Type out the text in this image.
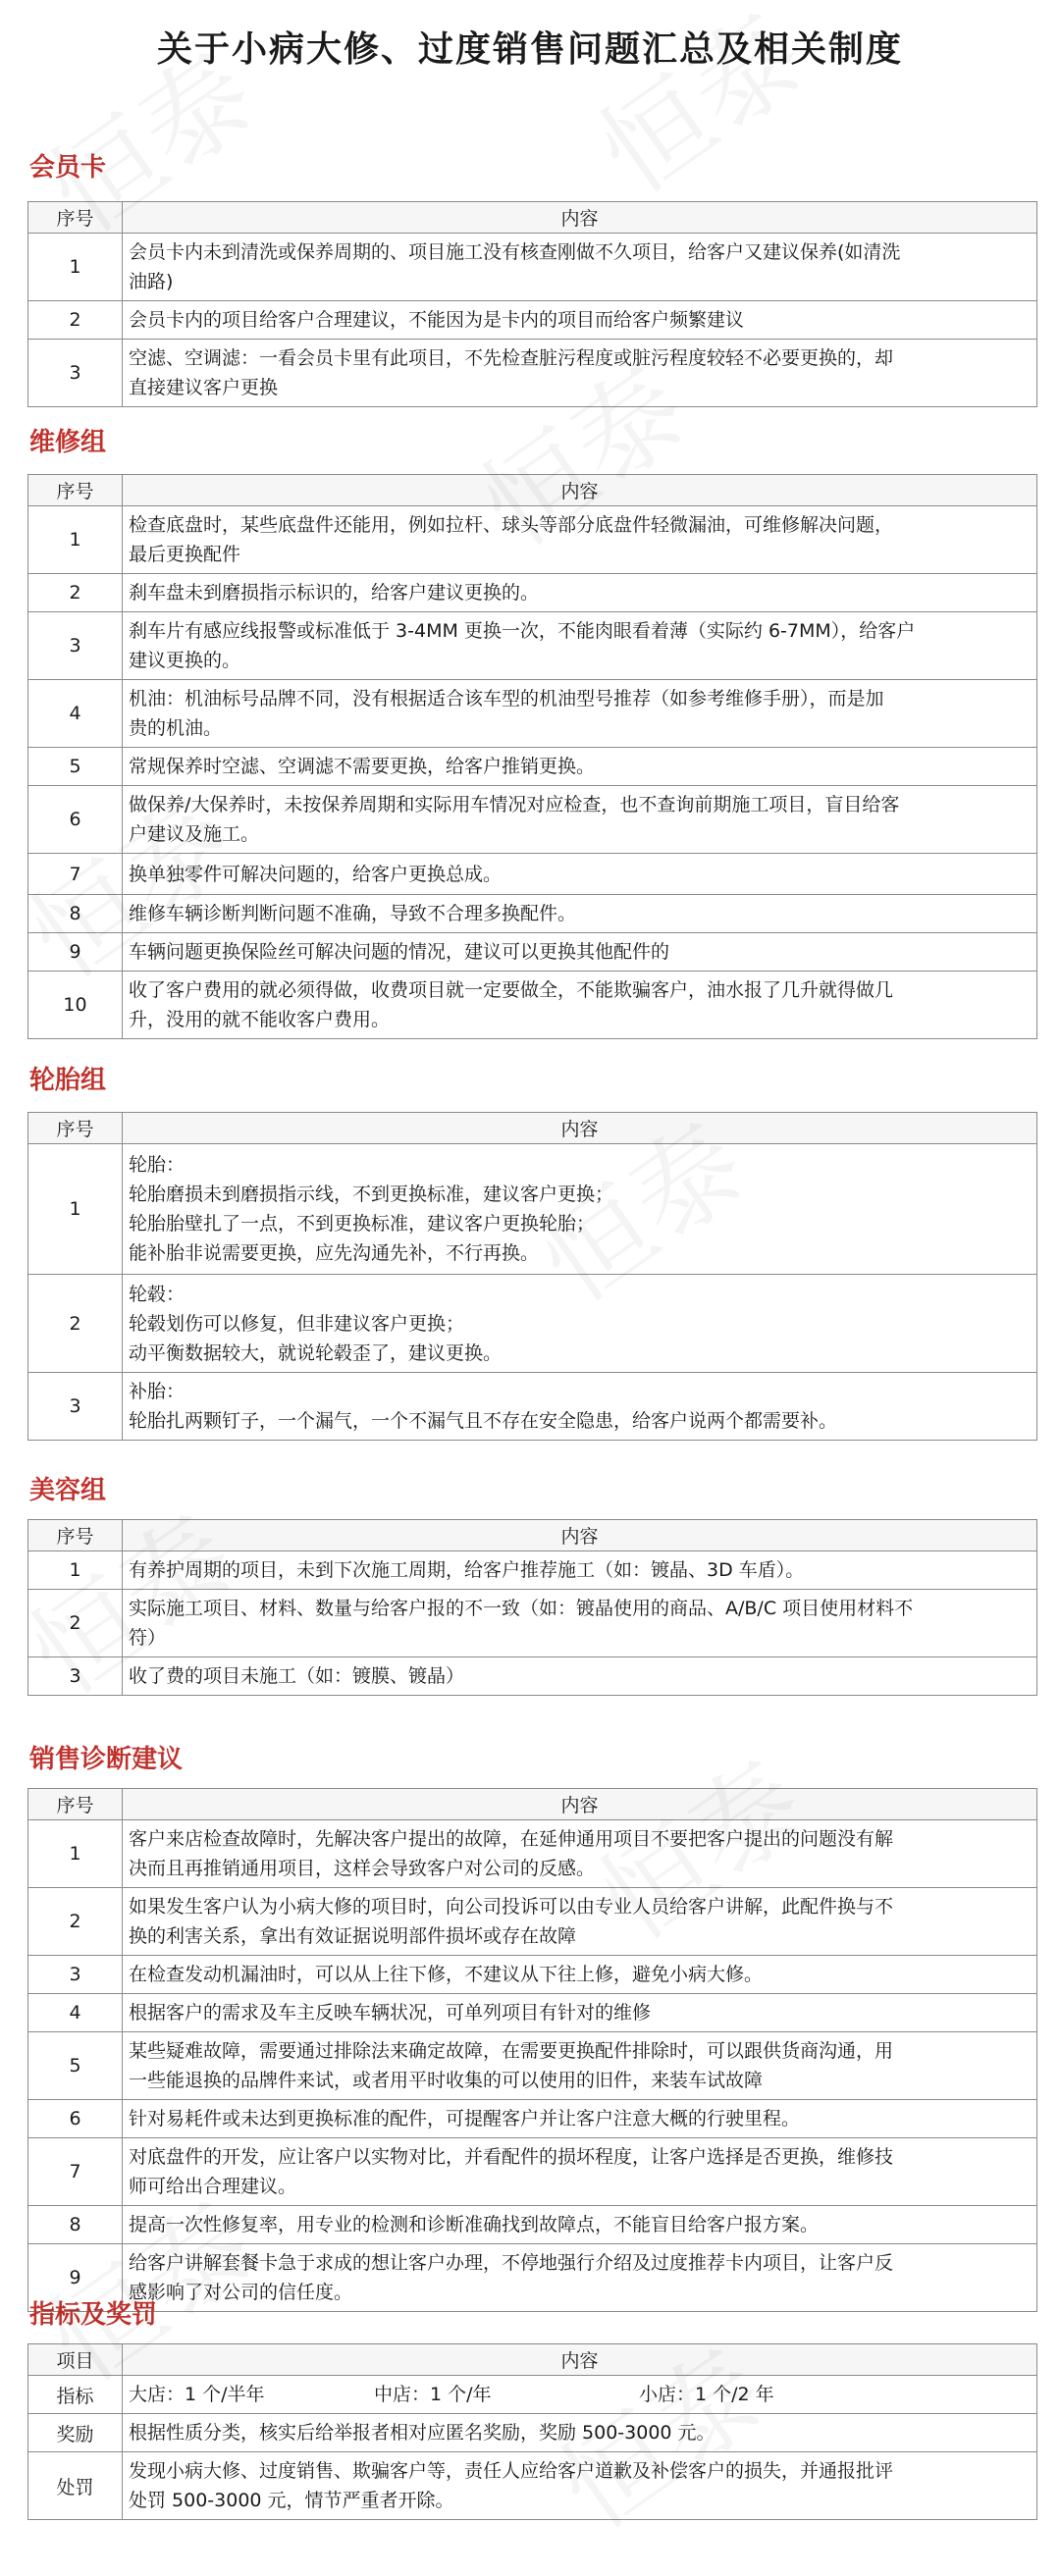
关于小病大修、过度销售问题汇总及相关制度
会员卡
序号	内容
1	会员卡内未到清洗或保养周期的、项目施工没有核查刚做不久项目，给客户又建议保养(如清洗
油路)

2	会员卡内的项目给客户合理建议，不能因为是卡内的项目而给客户频繁建议

3	空滤、空调滤：一看会员卡里有此项目，不先检查脏污程度或脏污程度较轻不必要更换的，却
直接建议客户更换
维修组
序号	内容
1	检查底盘时，某些底盘件还能用，例如拉杆、球头等部分底盘件轻微漏油，可维修解决问题，
最后更换配件

2	刹车盘未到磨损指示标识的，给客户建议更换的。

3	刹车片有感应线报警或标准低于 3-4MM 更换一次，不能肉眼看着薄（实际约 6-7MM），给客户
建议更换的。

4	机油：机油标号品牌不同，没有根据适合该车型的机油型号推荐（如参考维修手册），而是加
贵的机油。

5	常规保养时空滤、空调滤不需要更换，给客户推销更换。

6	做保养/大保养时，未按保养周期和实际用车情况对应检查，也不查询前期施工项目，盲目给客
户建议及施工。

7	换单独零件可解决问题的，给客户更换总成。

8	维修车辆诊断判断问题不准确，导致不合理多换配件。

9	车辆问题更换保险丝可解决问题的情况，建议可以更换其他配件的

10	收了客户费用的就必须得做，收费项目就一定要做全，不能欺骗客户，油水报了几升就得做几
升，没用的就不能收客户费用。
轮胎组
序号	内容
1	轮胎：
轮胎磨损未到磨损指示线，不到更换标准，建议客户更换；
轮胎胎壁扎了一点，不到更换标准，建议客户更换轮胎；
能补胎非说需要更换，应先沟通先补，不行再换。

2	轮毂：
轮毂划伤可以修复，但非建议客户更换；
动平衡数据较大，就说轮毂歪了，建议更换。

3	补胎：
轮胎扎两颗钉子，一个漏气，一个不漏气且不存在安全隐患，给客户说两个都需要补。
美容组
序号	内容
1	有养护周期的项目，未到下次施工周期，给客户推荐施工（如：镀晶、3D 车盾）。

2	实际施工项目、材料、数量与给客户报的不一致（如：镀晶使用的商品、A/B/C 项目使用材料不
符）

3	收了费的项目未施工（如：镀膜、镀晶）
销售诊断建议
序号	内容
1	客户来店检查故障时，先解决客户提出的故障，在延伸通用项目不要把客户提出的问题没有解
决而且再推销通用项目，这样会导致客户对公司的反感。

2	如果发生客户认为小病大修的项目时，向公司投诉可以由专业人员给客户讲解，此配件换与不
换的利害关系，拿出有效证据说明部件损坏或存在故障

3	在检查发动机漏油时，可以从上往下修，不建议从下往上修，避免小病大修。

4	根据客户的需求及车主反映车辆状况，可单列项目有针对的维修

5	某些疑难故障，需要通过排除法来确定故障，在需要更换配件排除时，可以跟供货商沟通，用
一些能退换的品牌件来试，或者用平时收集的可以使用的旧件，来装车试故障

6	针对易耗件或未达到更换标准的配件，可提醒客户并让客户注意大概的行驶里程。

7	对底盘件的开发，应让客户以实物对比，并看配件的损坏程度，让客户选择是否更换，维修技
师可给出合理建议。

8	提高一次性修复率，用专业的检测和诊断准确找到故障点，不能盲目给客户报方案。

9	给客户讲解套餐卡急于求成的想让客户办理，不停地强行介绍及过度推荐卡内项目，让客户反
感影响了对公司的信任度。
指标及奖罚
项目	内容
指标	大店：1 个/半年 中店：1 个/年 小店：1 个/2 年

奖励	根据性质分类，核实后给举报者相对应匿名奖励，奖励 500-3000 元。

处罚	发现小病大修、过度销售、欺骗客户等，责任人应给客户道歉及补偿客户的损失，并通报批评
处罚 500-3000 元，情节严重者开除。
